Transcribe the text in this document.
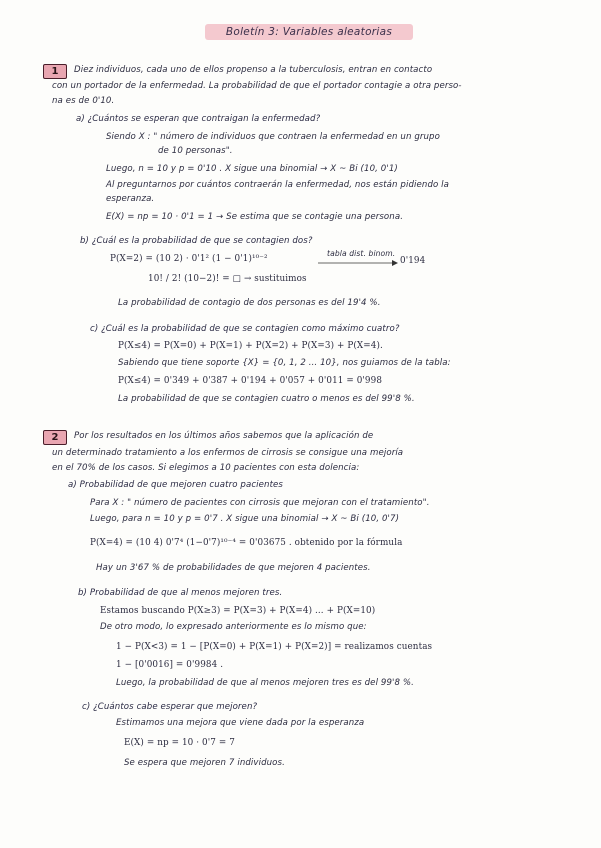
Boletín 3: Variables aleatorias
1	Diez individuos, cada uno de ellos propenso a la tuberculosis, entran en contacto
con un portador de la enfermedad. La probabilidad de que el portador contagie a otra perso-
na es de 0'10.
a) ¿Cuántos se esperan que contraigan la enfermedad?
Siendo X : " número de individuos que contraen la enfermedad en un grupo
de 10 personas".
Luego, n = 10 y p = 0'10 . X sigue una binomial → X ~ Bi (10, 0'1)
Al preguntarnos por cuántos contraerán la enfermedad, nos están pidiendo la
esperanza.
E(X) = np = 10 · 0'1 = 1 → Se estima que se contagie una persona.
b) ¿Cuál es la probabilidad de que se contagien dos?
P(X=2) = (10 2) · 0'1² (1 − 0'1)¹⁰⁻²
tabla dist. binom.
0'194
10! / 2! (10−2)! = □ → sustituimos
La probabilidad de contagio de dos personas es del 19'4 %.
c) ¿Cuál es la probabilidad de que se contagien como máximo cuatro?
P(X≤4) = P(X=0) + P(X=1) + P(X=2) + P(X=3) + P(X=4).
Sabiendo que tiene soporte {X} = {0, 1, 2 ... 10}, nos guiamos de la tabla:
P(X≤4) = 0'349 + 0'387 + 0'194 + 0'057 + 0'011 = 0'998
La probabilidad de que se contagien cuatro o menos es del 99'8 %.
2	Por los resultados en los últimos años sabemos que la aplicación de
un determinado tratamiento a los enfermos de cirrosis se consigue una mejoría
en el 70% de los casos. Si elegimos a 10 pacientes con esta dolencia:
a) Probabilidad de que mejoren cuatro pacientes
Para X : " número de pacientes con cirrosis que mejoran con el tratamiento".
Luego, para n = 10 y p = 0'7 . X sigue una binomial → X ~ Bi (10, 0'7)
P(X=4) = (10 4) 0'7⁴ (1−0'7)¹⁰⁻⁴ = 0'03675 . obtenido por la fórmula
Hay un 3'67 % de probabilidades de que mejoren 4 pacientes.
b) Probabilidad de que al menos mejoren tres.
Estamos buscando P(X≥3) = P(X=3) + P(X=4) ... + P(X=10)
De otro modo, lo expresado anteriormente es lo mismo que:
1 − P(X<3) = 1 − [P(X=0) + P(X=1) + P(X=2)] = realizamos cuentas
1 − [0'0016] = 0'9984 .
Luego, la probabilidad de que al menos mejoren tres es del 99'8 %.
c) ¿Cuántos cabe esperar que mejoren?
Estimamos una mejora que viene dada por la esperanza
E(X) = np = 10 · 0'7 = 7
Se espera que mejoren 7 individuos.
